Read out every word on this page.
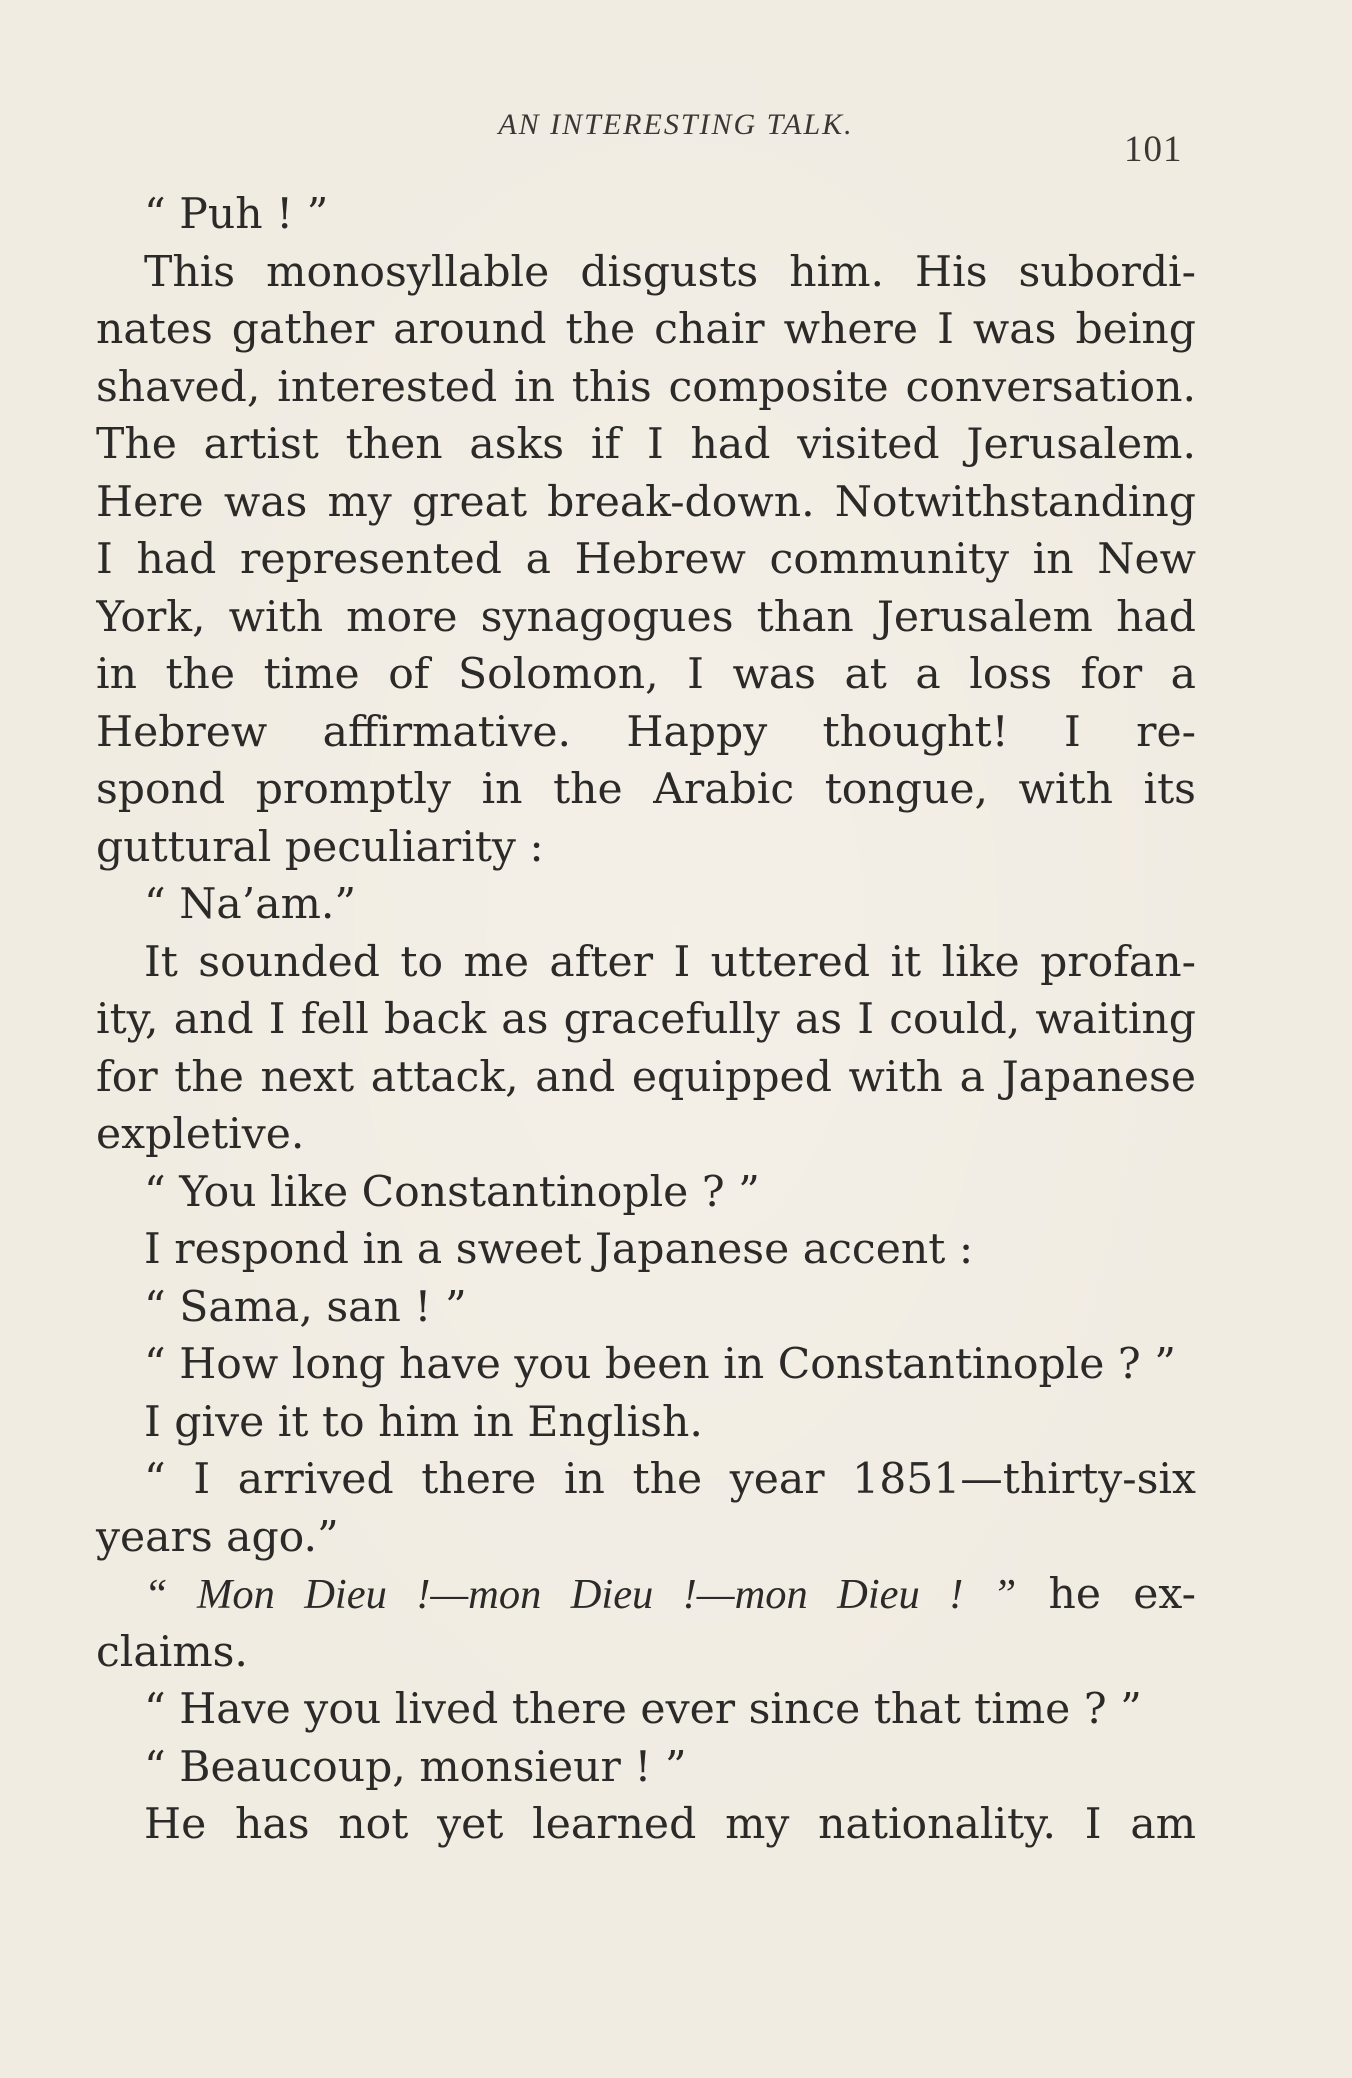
AN INTERESTING TALK.
101
“ Puh ! ”
This monosyllable disgusts him. His subordi-
nates gather around the chair where I was being
shaved, interested in this composite conversation.
The artist then asks if I had visited Jerusalem.
Here was my great break-down. Notwithstanding
I had represented a Hebrew community in New
York, with more synagogues than Jerusalem had
in the time of Solomon, I was at a loss for a
Hebrew affirmative. Happy thought! I re-
spond promptly in the Arabic tongue, with its
guttural peculiarity :
“ Na’am.”
It sounded to me after I uttered it like profan-
ity, and I fell back as gracefully as I could, waiting
for the next attack, and equipped with a Japanese
expletive.
“ You like Constantinople ? ”
I respond in a sweet Japanese accent :
“ Sama, san ! ”
“ How long have you been in Constantinople ? ”
I give it to him in English.
“ I arrived there in the year 1851—thirty-six
years ago.”
“ Mon Dieu !—mon Dieu !—mon Dieu ! ” he ex-
claims.
“ Have you lived there ever since that time ? ”
“ Beaucoup, monsieur ! ”
He has not yet learned my nationality. I am
